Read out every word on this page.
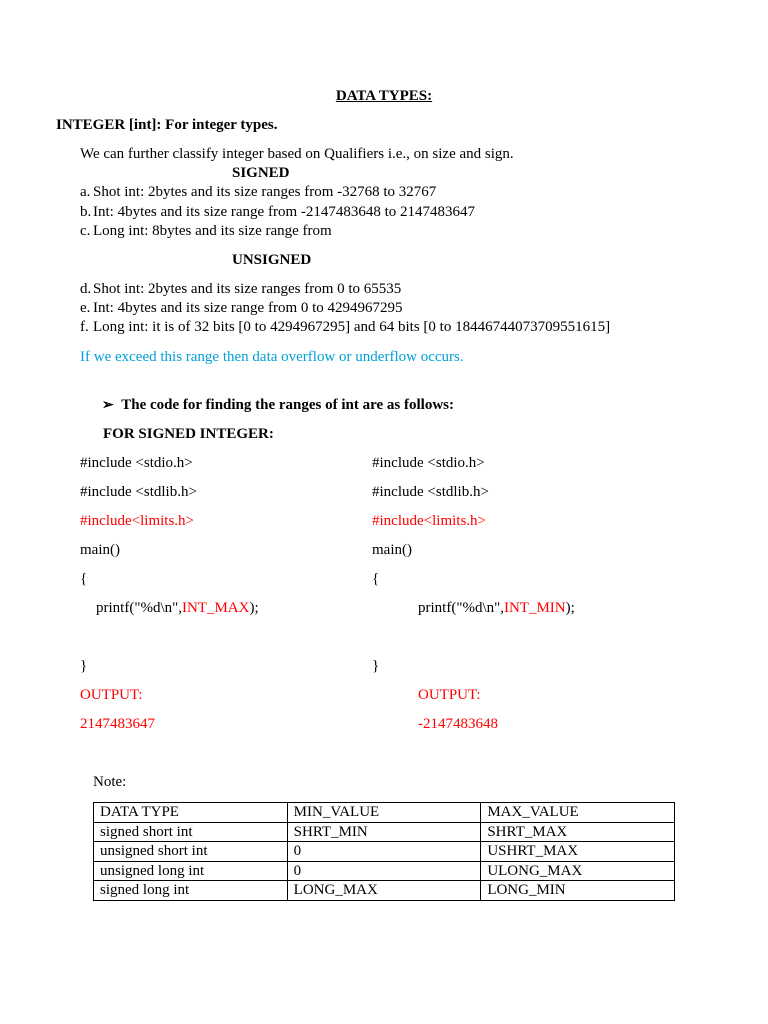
DATA TYPES:
INTEGER [int]: For integer types.
We can further classify integer based on Qualifiers i.e., on size and sign.
SIGNED
a. Shot int: 2bytes and its size ranges from -32768 to 32767
b. Int: 4bytes and its size range from -2147483648 to 2147483647
c. Long int: 8bytes and its size range from
UNSIGNED
d. Shot int: 2bytes and its size ranges from 0 to 65535
e. Int: 4bytes and its size range from 0 to 4294967295
f. Long int: it is of 32 bits [0 to 4294967295] and 64 bits [0 to 18446744073709551615]
If we exceed this range then data overflow or underflow occurs.
➢ The code for finding the ranges of int are as follows:
FOR SIGNED INTEGER:
#include <stdio.h>
#include <stdlib.h>
#include<limits.h>
main()
{
printf("%d\n",INT_MAX);
}
OUTPUT:
2147483647
#include <stdio.h>
#include <stdlib.h>
#include<limits.h>
main()
{
printf("%d\n",INT_MIN);
}
OUTPUT:
-2147483648
Note:
DATA TYPE	MIN_VALUE	MAX_VALUE
signed short int	SHRT_MIN	SHRT_MAX
unsigned short int	0	USHRT_MAX
unsigned long int	0	ULONG_MAX
signed long int	LONG_MAX	LONG_MIN
